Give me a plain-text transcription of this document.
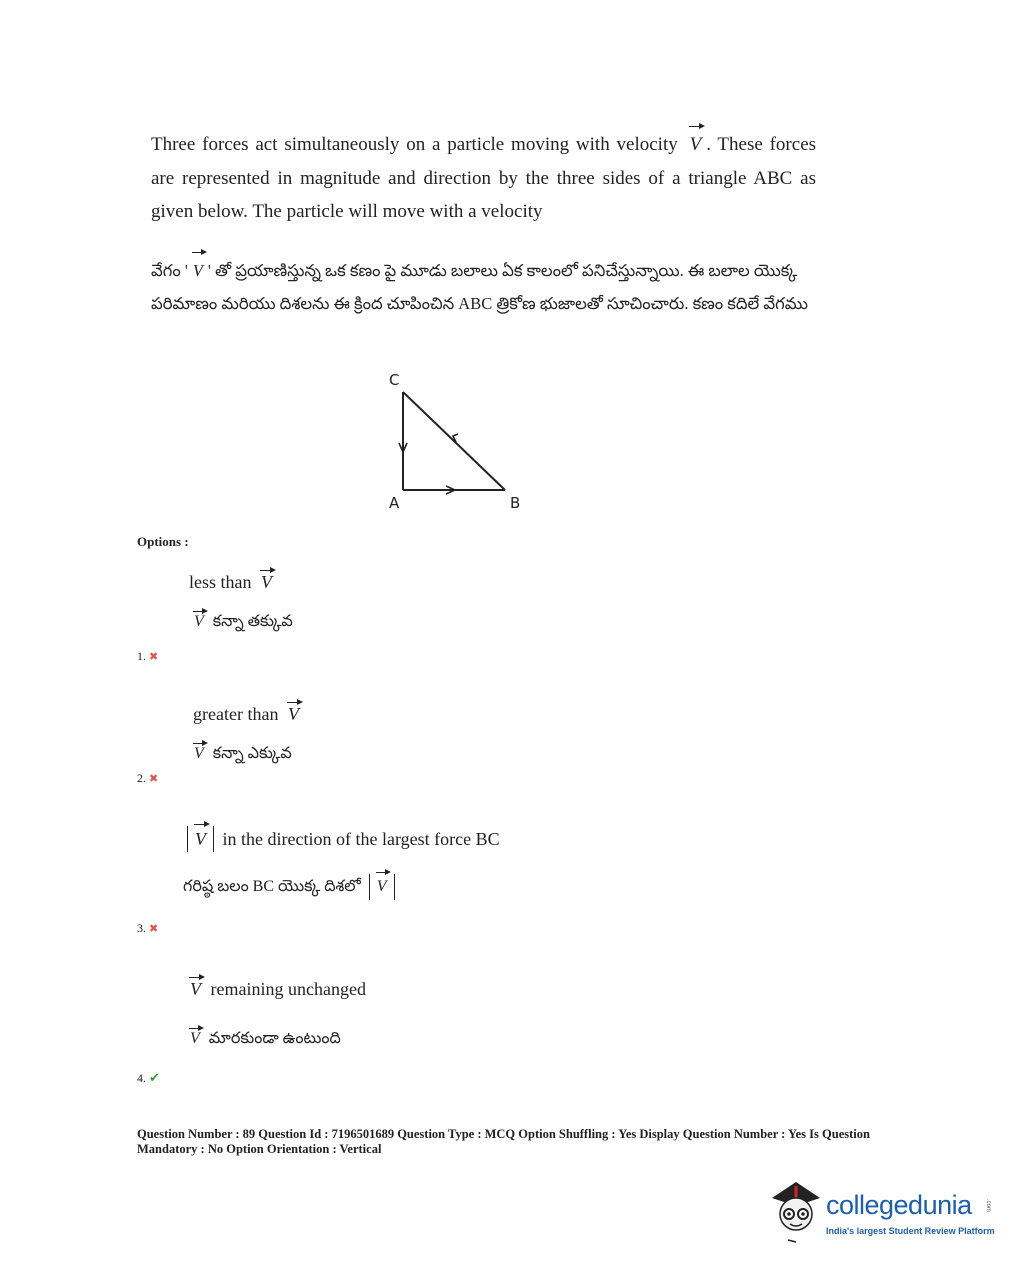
Three forces act simultaneously on a particle moving with velocity V . These forces are represented in magnitude and direction by the three sides of a triangle ABC as given below. The particle will move with a velocity
వేగం ' V ' తో ప్రయాణిస్తున్న ఒక కణం పై మూడు బలాలు ఏక కాలంలో పనిచేస్తున్నాయి. ఈ బలాల యొక్క పరిమాణం మరియు దిశలను ఈ క్రింద చూపించిన ABC త్రికోణ భుజాలతో సూచించారు. కణం కదిలే వేగము
C
A	B
Options :
less than V
V కన్నా తక్కువ
1. ✖
greater than V
V కన్నా ఎక్కువ
2. ✖
V in the direction of the largest force BC
గరిష్ఠ బలం BC యొక్క దిశలో V
3. ✖
V remaining unchanged
V మారకుండా ఉంటుంది
4. ✔
Question Number : 89 Question Id : 7196501689 Question Type : MCQ Option Shuffling : Yes Display Question Number : Yes Is Question
Mandatory : No Option Orientation : Vertical
collegedunia .com
India's largest Student Review Platform
